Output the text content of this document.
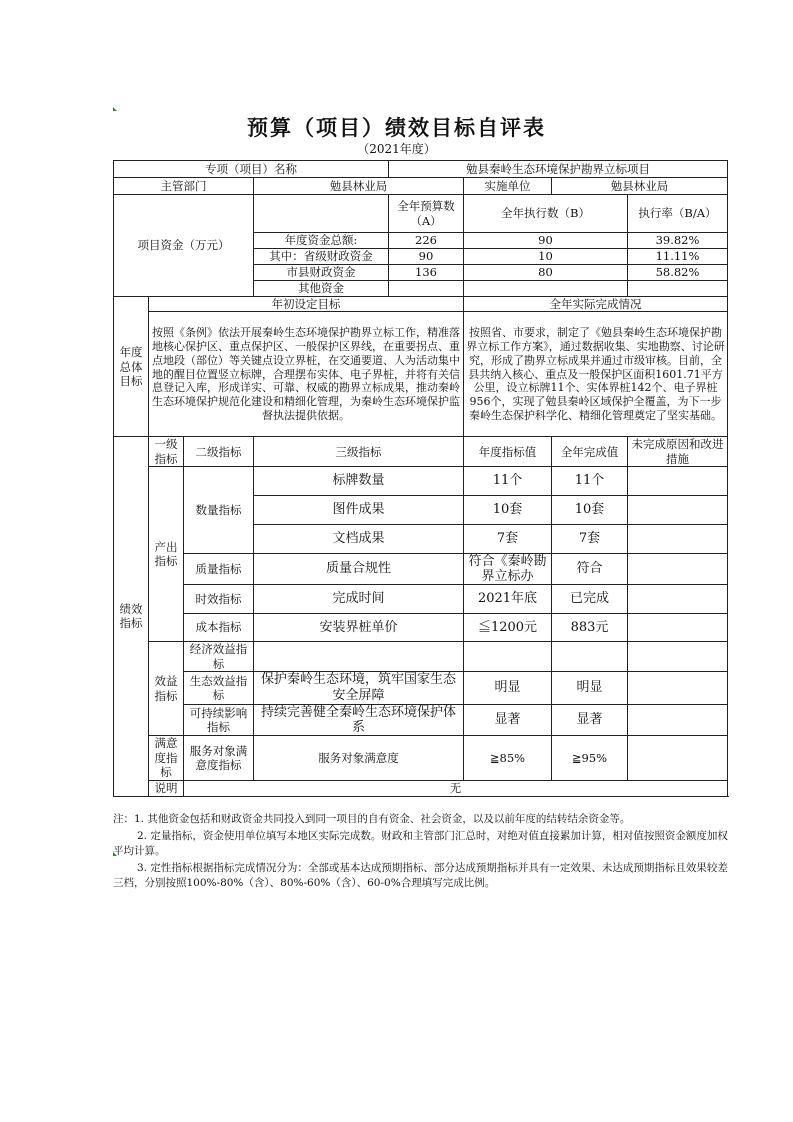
预算（项目）绩效目标自评表
（2021年度）
专项（项目）名称				勉县秦岭生态环境保护勘界立标项目			
主管部门			勉县林业局		实施单位	勉县林业局	
项目资金（万元）				全年预算数（A）	全年执行数（B）		执行率（B/A）
			年度资金总额:	226	90		39.82%
			其中：省级财政资金	90	10		11.11%
			市县财政资金	136	80		58.82%
			其他资金				
年度总体目标	年初设定目标				全年实际完成情况		
	按照《条例》依法开展秦岭生态环境保护勘界立标工作，精准落地核心保护区、重点保护区、一般保护区界线，在重要拐点、重点地段（部位）等关键点设立界桩，在交通要道、人为活动集中地的醒目位置竖立标牌，合理摆布实体、电子界桩，并将有关信息登记入库，形成详实、可靠、权威的勘界立标成果，推动秦岭生态环境保护规范化建设和精细化管理，为秦岭生态环境保护监督执法提供依据。				按照省、市要求，制定了《勉县秦岭生态环境保护勘界立标工作方案》，通过数据收集、实地勘察、讨论研究，形成了勘界立标成果并通过市级审核。目前，全县共纳入核心、重点及一般保护区面积1601.71平方公里，设立标牌11个、实体界桩142个、电子界桩956个，实现了勉县秦岭区域保护全覆盖，为下一步秦岭生态保护科学化、精细化管理奠定了坚实基础。		
绩效指标	一级指标	二级指标	三级指标		年度指标值	全年完成值	未完成原因和改进措施
	产出指标	数量指标	标牌数量		11个	11个	
			图件成果		10套	10套	
			文档成果		7套	7套	
		质量指标	质量合规性		符合《秦岭勘界立标办	符合	
		时效指标	完成时间		2021年底	已完成	
		成本指标	安装界桩单价		≦1200元	883元	
	效益指标	经济效益指标					
		生态效益指标	保护秦岭生态环境，筑牢国家生态安全屏障		明显	明显	
		可持续影响指标	持续完善健全秦岭生态环境保护体系		显著	显著	
	满意度指标	服务对象满意度指标	服务对象满意度		≧85%	≧95%	
	说明	无					

注：1. 其他资金包括和财政资金共同投入到同一项目的自有资金、社会资金，以及以前年度的结转结余资金等。

2. 定量指标，资金使用单位填写本地区实际完成数。财政和主管部门汇总时，对绝对值直接累加计算，相对值按照资金额度加权平均计算。

3. 定性指标根据指标完成情况分为：全部或基本达成预期指标、部分达成预期指标并具有一定效果、未达成预期指标且效果较差三档，分别按照100%-80%（含）、80%-60%（含）、60-0%合理填写完成比例。
